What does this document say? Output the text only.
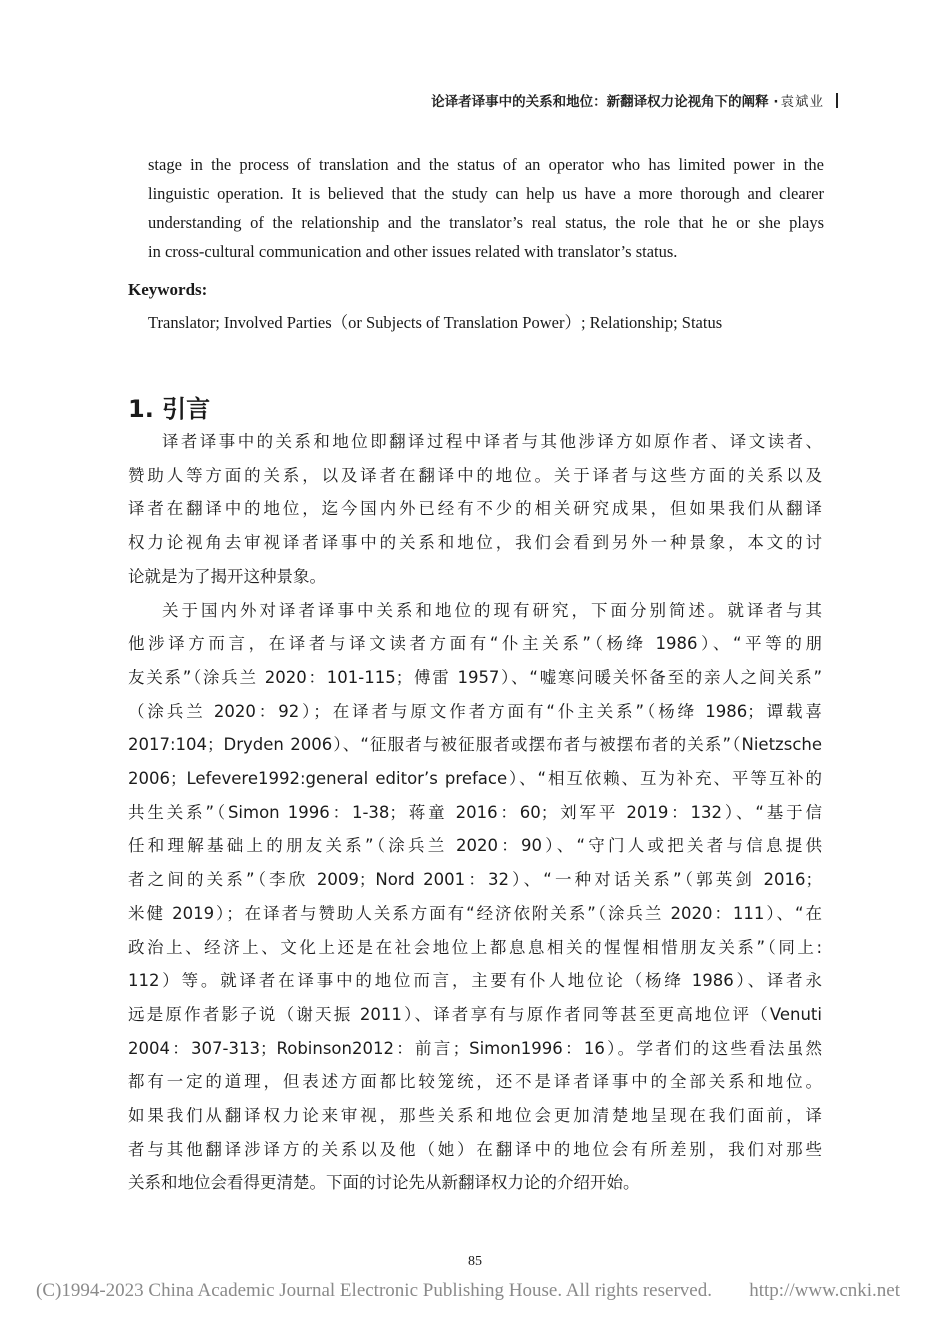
论译者译事中的关系和地位：新翻译权力论视角下的阐释 · 袁斌业
stage in the process of translation and the status of an operator who has limited power in the
linguistic operation. It is believed that the study can help us have a more thorough and clearer
understanding of the relationship and the translator’s real status, the role that he or she plays
in cross-cultural communication and other issues related with translator’s status.
Keywords:
Translator; Involved Parties（or Subjects of Translation Power）; Relationship; Status
1. 引言
译者译事中的关系和地位即翻译过程中译者与其他涉译方如原作者、译文读者、
赞助人等方面的关系，以及译者在翻译中的地位。关于译者与这些方面的关系以及
译者在翻译中的地位，迄今国内外已经有不少的相关研究成果，但如果我们从翻译
权力论视角去审视译者译事中的关系和地位，我们会看到另外一种景象，本文的讨
论就是为了揭开这种景象。
关于国内外对译者译事中关系和地位的现有研究，下面分别简述。就译者与其
他涉译方而言，在译者与译文读者方面有“仆主关系”（杨绛 1986）、“平等的朋
友关系”（涂兵兰 2020：101-115；傅雷 1957）、“嘘寒问暖关怀备至的亲人之间关系”
（涂兵兰 2020：92）；在译者与原文作者方面有“仆主关系”（杨绛 1986；谭载喜
2017:104；Dryden 2006）、“征服者与被征服者或摆布者与被摆布者的关系”（Nietzsche
2006；Lefevere1992:general editor’s preface）、“相互依赖、互为补充、平等互补的
共生关系”（Simon 1996：1-38；蒋童 2016：60；刘军平 2019：132）、“基于信
任和理解基础上的朋友关系”（涂兵兰 2020：90）、“守门人或把关者与信息提供
者之间的关系”（李欣 2009；Nord 2001：32）、“一种对话关系”（郭英剑 2016；
米健 2019）；在译者与赞助人关系方面有“经济依附关系”（涂兵兰 2020：111）、“在
政治上、经济上、文化上还是在社会地位上都息息相关的惺惺相惜朋友关系”（同上:
112）等。就译者在译事中的地位而言，主要有仆人地位论（杨绛 1986）、译者永
远是原作者影子说（谢天振 2011）、译者享有与原作者同等甚至更高地位评（Venuti
2004：307-313；Robinson2012：前言；Simon1996：16）。学者们的这些看法虽然
都有一定的道理，但表述方面都比较笼统，还不是译者译事中的全部关系和地位。
如果我们从翻译权力论来审视，那些关系和地位会更加清楚地呈现在我们面前，译
者与其他翻译涉译方的关系以及他（她）在翻译中的地位会有所差别，我们对那些
关系和地位会看得更清楚。下面的讨论先从新翻译权力论的介绍开始。
85
(C)1994-2023 China Academic Journal Electronic Publishing House. All rights reserved. http://www.cnki.net
